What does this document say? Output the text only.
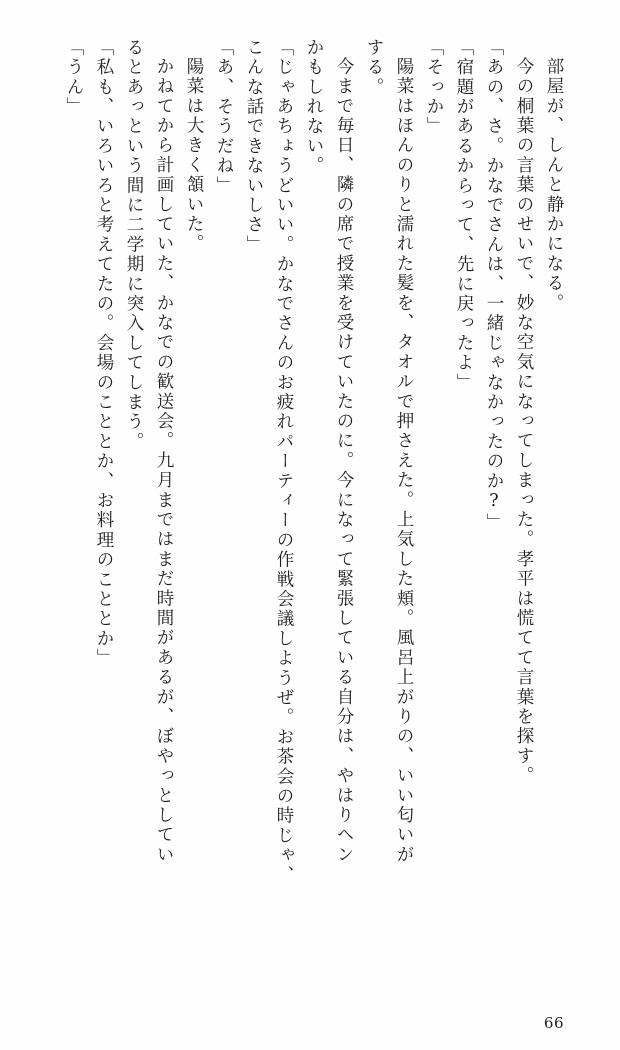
部屋が、しんと静かになる。
今の桐葉の言葉のせいで、妙な空気になってしまった。孝平は慌てて言葉を探す。
「あの、さ。かなでさんは、一緒じゃなかったのか?」
「宿題があるからって、先に戻ったよ」
「そっか」
陽菜はほんのりと濡れた髪を、タオルで押さえた。上気した頬。風呂上がりの、いい匂いが
する。
今まで毎日、隣の席で授業を受けていたのに。今になって緊張している自分は、やはりヘン
かもしれない。
「じゃあちょうどいい。かなでさんのお疲れパーティーの作戦会議しようぜ。お茶会の時じゃ、
こんな話できないしさ」
「あ、そうだね」
陽菜は大きく頷いた。
かねてから計画していた、かなでの歓送会。九月まではまだ時間があるが、ぼやっとしてい
るとあっという間に二学期に突入してしまう。
「私も、いろいろと考えてたの。会場のこととか、お料理のこととか」
「うん」
66
